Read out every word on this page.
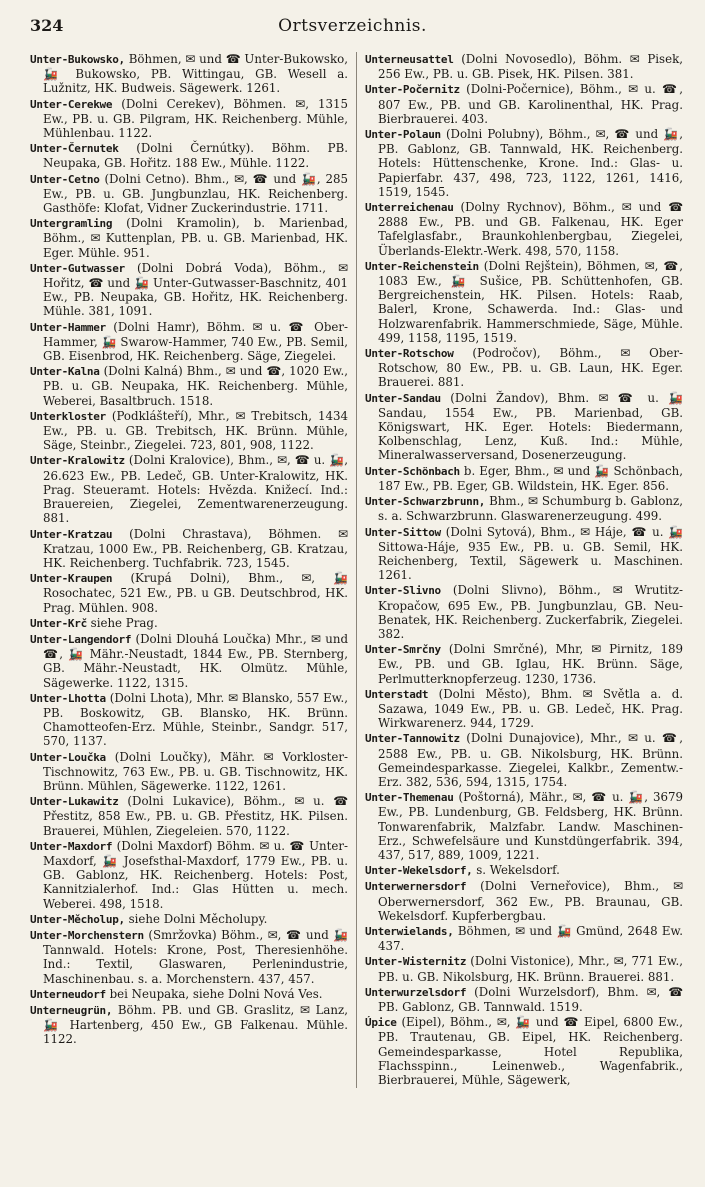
324	Ortsverzeichnis.
Unter-Bukowsko, Böhmen, ✉ und ☎ Unter-Bukowsko, 🚂 Bukowsko, PB. Wittingau, GB. Wesell a. Lužnitz, HK. Budweis. Sägewerk. 1261.
Unter-Cerekwe (Dolni Cerekev), Böhmen. ✉, 1315 Ew., PB. u. GB. Pilgram, HK. Reichenberg. Mühle, Mühlenbau. 1122.
Unter-Černutek (Dolni Černútky). Böhm. PB. Neupaka, GB. Hořitz. 188 Ew., Mühle. 1122.
Unter-Cetno (Dolni Cetno). Bhm., ✉, ☎ und 🚂, 285 Ew., PB. u. GB. Jungbunzlau, HK. Reichenberg. Gasthöfe: Klofat, Vidner Zuckerindustrie. 1711.
Untergramling (Dolni Kramolin), b. Marienbad, Böhm., ✉ Kuttenplan, PB. u. GB. Marienbad, HK. Eger. Mühle. 951.
Unter-Gutwasser (Dolni Dobrá Voda), Böhm., ✉ Hořitz, ☎ und 🚂 Unter-Gutwasser-Baschnitz, 401 Ew., PB. Neupaka, GB. Hořitz, HK. Reichenberg. Mühle. 381, 1091.
Unter-Hammer (Dolni Hamr), Böhm. ✉ u. ☎ Ober-Hammer, 🚂 Swarow-Hammer, 740 Ew., PB. Semil, GB. Eisenbrod, HK. Reichenberg. Säge, Ziegelei.
Unter-Kalna (Dolni Kalná) Bhm., ✉ und ☎, 1020 Ew., PB. u. GB. Neupaka, HK. Reichenberg. Mühle, Weberei, Basaltbruch. 1518.
Unterkloster (Podklášteří), Mhr., ✉ Trebitsch, 1434 Ew., PB. u. GB. Trebitsch, HK. Brünn. Mühle, Säge, Steinbr., Ziegelei. 723, 801, 908, 1122.
Unter-Kralowitz (Dolni Kralovice), Bhm., ✉, ☎ u. 🚂, 26.623 Ew., PB. Ledeč, GB. Unter-Kralowitz, HK. Prag. Steueramt. Hotels: Hvězda. Knižecí. Ind.: Brauereien, Ziegelei, Zementwarenerzeugung. 881.
Unter-Kratzau (Dolni Chrastava), Böhmen. ✉ Kratzau, 1000 Ew., PB. Reichenberg, GB. Kratzau, HK. Reichenberg. Tuchfabrik. 723, 1545.
Unter-Kraupen (Krupá Dolni), Bhm., ✉, 🚂 Rosochatec, 521 Ew., PB. u GB. Deutschbrod, HK. Prag. Mühlen. 908.
Unter-Krč siehe Prag.
Unter-Langendorf (Dolni Dlouhá Loučka) Mhr., ✉ und ☎, 🚂 Mähr.-Neustadt, 1844 Ew., PB. Sternberg, GB. Mähr.-Neustadt, HK. Olmütz. Mühle, Sägewerke. 1122, 1315.
Unter-Lhotta (Dolni Lhota), Mhr. ✉ Blansko, 557 Ew., PB. Boskowitz, GB. Blansko, HK. Brünn. Chamotteofen-Erz. Mühle, Steinbr., Sandgr. 517, 570, 1137.
Unter-Loučka (Dolni Loučky), Mähr. ✉ Vorkloster-Tischnowitz, 763 Ew., PB. u. GB. Tischnowitz, HK. Brünn. Mühlen, Sägewerke. 1122, 1261.
Unter-Lukawitz (Dolni Lukavice), Böhm., ✉ u. ☎ Přestitz, 858 Ew., PB. u. GB. Přestitz, HK. Pilsen. Brauerei, Mühlen, Ziegeleien. 570, 1122.
Unter-Maxdorf (Dolni Maxdorf) Böhm. ✉ u. ☎ Unter-Maxdorf, 🚂 Josefsthal-Maxdorf, 1779 Ew., PB. u. GB. Gablonz, HK. Reichenberg. Hotels: Post, Kannitzialerhof. Ind.: Glas Hütten u. mech. Weberei. 498, 1518.
Unter-Měcholup, siehe Dolni Měcholupy.
Unter-Morchenstern (Smržovka) Böhm., ✉, ☎ und 🚂 Tannwald. Hotels: Krone, Post, Theresienhöhe. Ind.: Textil, Glaswaren, Perlenindustrie, Maschinenbau. s. a. Morchenstern. 437, 457.
Unterneudorf bei Neupaka, siehe Dolni Nová Ves.
Unterneugrün, Böhm. PB. und GB. Graslitz, ✉ Lanz, 🚂 Hartenberg, 450 Ew., GB Falkenau. Mühle. 1122.
Unterneusattel (Dolni Novosedlo), Böhm. ✉ Pisek, 256 Ew., PB. u. GB. Pisek, HK. Pilsen. 381.
Unter-Počernitz (Dolni-Počernice), Böhm., ✉ u. ☎, 807 Ew., PB. und GB. Karolinenthal, HK. Prag. Bierbrauerei. 403.
Unter-Polaun (Dolni Polubny), Böhm., ✉, ☎ und 🚂, PB. Gablonz, GB. Tannwald, HK. Reichenberg. Hotels: Hüttenschenke, Krone. Ind.: Glas- u. Papierfabr. 437, 498, 723, 1122, 1261, 1416, 1519, 1545.
Unterreichenau (Dolny Rychnov), Böhm., ✉ und ☎ 2888 Ew., PB. und GB. Falkenau, HK. Eger Tafelglasfabr., Braunkohlenbergbau, Ziegelei, Überlands-Elektr.-Werk. 498, 570, 1158.
Unter-Reichenstein (Dolni Rejštein), Böhmen, ✉, ☎, 1083 Ew., 🚂 Sušice, PB. Schüttenhofen, GB. Bergreichenstein, HK. Pilsen. Hotels: Raab, Balerl, Krone, Schawerda. Ind.: Glas- und Holzwarenfabrik. Hammerschmiede, Säge, Mühle. 499, 1158, 1195, 1519.
Unter-Rotschow (Področov), Böhm., ✉ Ober-Rotschow, 80 Ew., PB. u. GB. Laun, HK. Eger. Brauerei. 881.
Unter-Sandau (Dolni Žandov), Bhm. ✉ ☎ u. 🚂 Sandau, 1554 Ew., PB. Marienbad, GB. Königswart, HK. Eger. Hotels: Biedermann, Kolbenschlag, Lenz, Kuß. Ind.: Mühle, Mineralwasserversand, Dosenerzeugung.
Unter-Schönbach b. Eger, Bhm., ✉ und 🚂 Schönbach, 187 Ew., PB. Eger, GB. Wildstein, HK. Eger. 856.
Unter-Schwarzbrunn, Bhm., ✉ Schumburg b. Gablonz, s. a. Schwarzbrunn. Glaswarenerzeugung. 499.
Unter-Sittow (Dolni Sytová), Bhm., ✉ Háje, ☎ u. 🚂 Sittowa-Háje, 935 Ew., PB. u. GB. Semil, HK. Reichenberg, Textil, Sägewerk u. Maschinen. 1261.
Unter-Slivno (Dolni Slivno), Böhm., ✉ Wrutitz-Kropačow, 695 Ew., PB. Jungbunzlau, GB. Neu-Benatek, HK. Reichenberg. Zuckerfabrik, Ziegelei. 382.
Unter-Smrčny (Dolni Smrčné), Mhr, ✉ Pirnitz, 189 Ew., PB. und GB. Iglau, HK. Brünn. Säge, Perlmutterknopferzeug. 1230, 1736.
Unterstadt (Dolni Město), Bhm. ✉ Světla a. d. Sazawa, 1049 Ew., PB. u. GB. Ledeč, HK. Prag. Wirkwarenerz. 944, 1729.
Unter-Tannowitz (Dolni Dunajovice), Mhr., ✉ u. ☎, 2588 Ew., PB. u. GB. Nikolsburg, HK. Brünn. Gemeindesparkasse. Ziegelei, Kalkbr., Zementw.-Erz. 382, 536, 594, 1315, 1754.
Unter-Themenau (Poštorná), Mähr., ✉, ☎ u. 🚂, 3679 Ew., PB. Lundenburg, GB. Feldsberg, HK. Brünn. Tonwarenfabrik, Malzfabr. Landw. Maschinen-Erz., Schwefelsäure und Kunstdüngerfabrik. 394, 437, 517, 889, 1009, 1221.
Unter-Wekelsdorf, s. Wekelsdorf.
Unterwernersdorf (Dolni Verneřovice), Bhm., ✉ Oberwernersdorf, 362 Ew., PB. Braunau, GB. Wekelsdorf. Kupferbergbau.
Unterwielands, Böhmen, ✉ und 🚂 Gmünd, 2648 Ew. 437.
Unter-Wisternitz (Dolni Vistonice), Mhr., ✉, 771 Ew., PB. u. GB. Nikolsburg, HK. Brünn. Brauerei. 881.
Unterwurzelsdorf (Dolni Wurzelsdorf), Bhm. ✉, ☎ PB. Gablonz, GB. Tannwald. 1519.
Úpice (Eipel), Böhm., ✉, 🚂 und ☎ Eipel, 6800 Ew., PB. Trautenau, GB. Eipel, HK. Reichenberg. Gemeindesparkasse, Hotel Republika, Flachsspinn., Leinenweb., Wagenfabrik., Bierbrauerei, Mühle, Sägewerk,
